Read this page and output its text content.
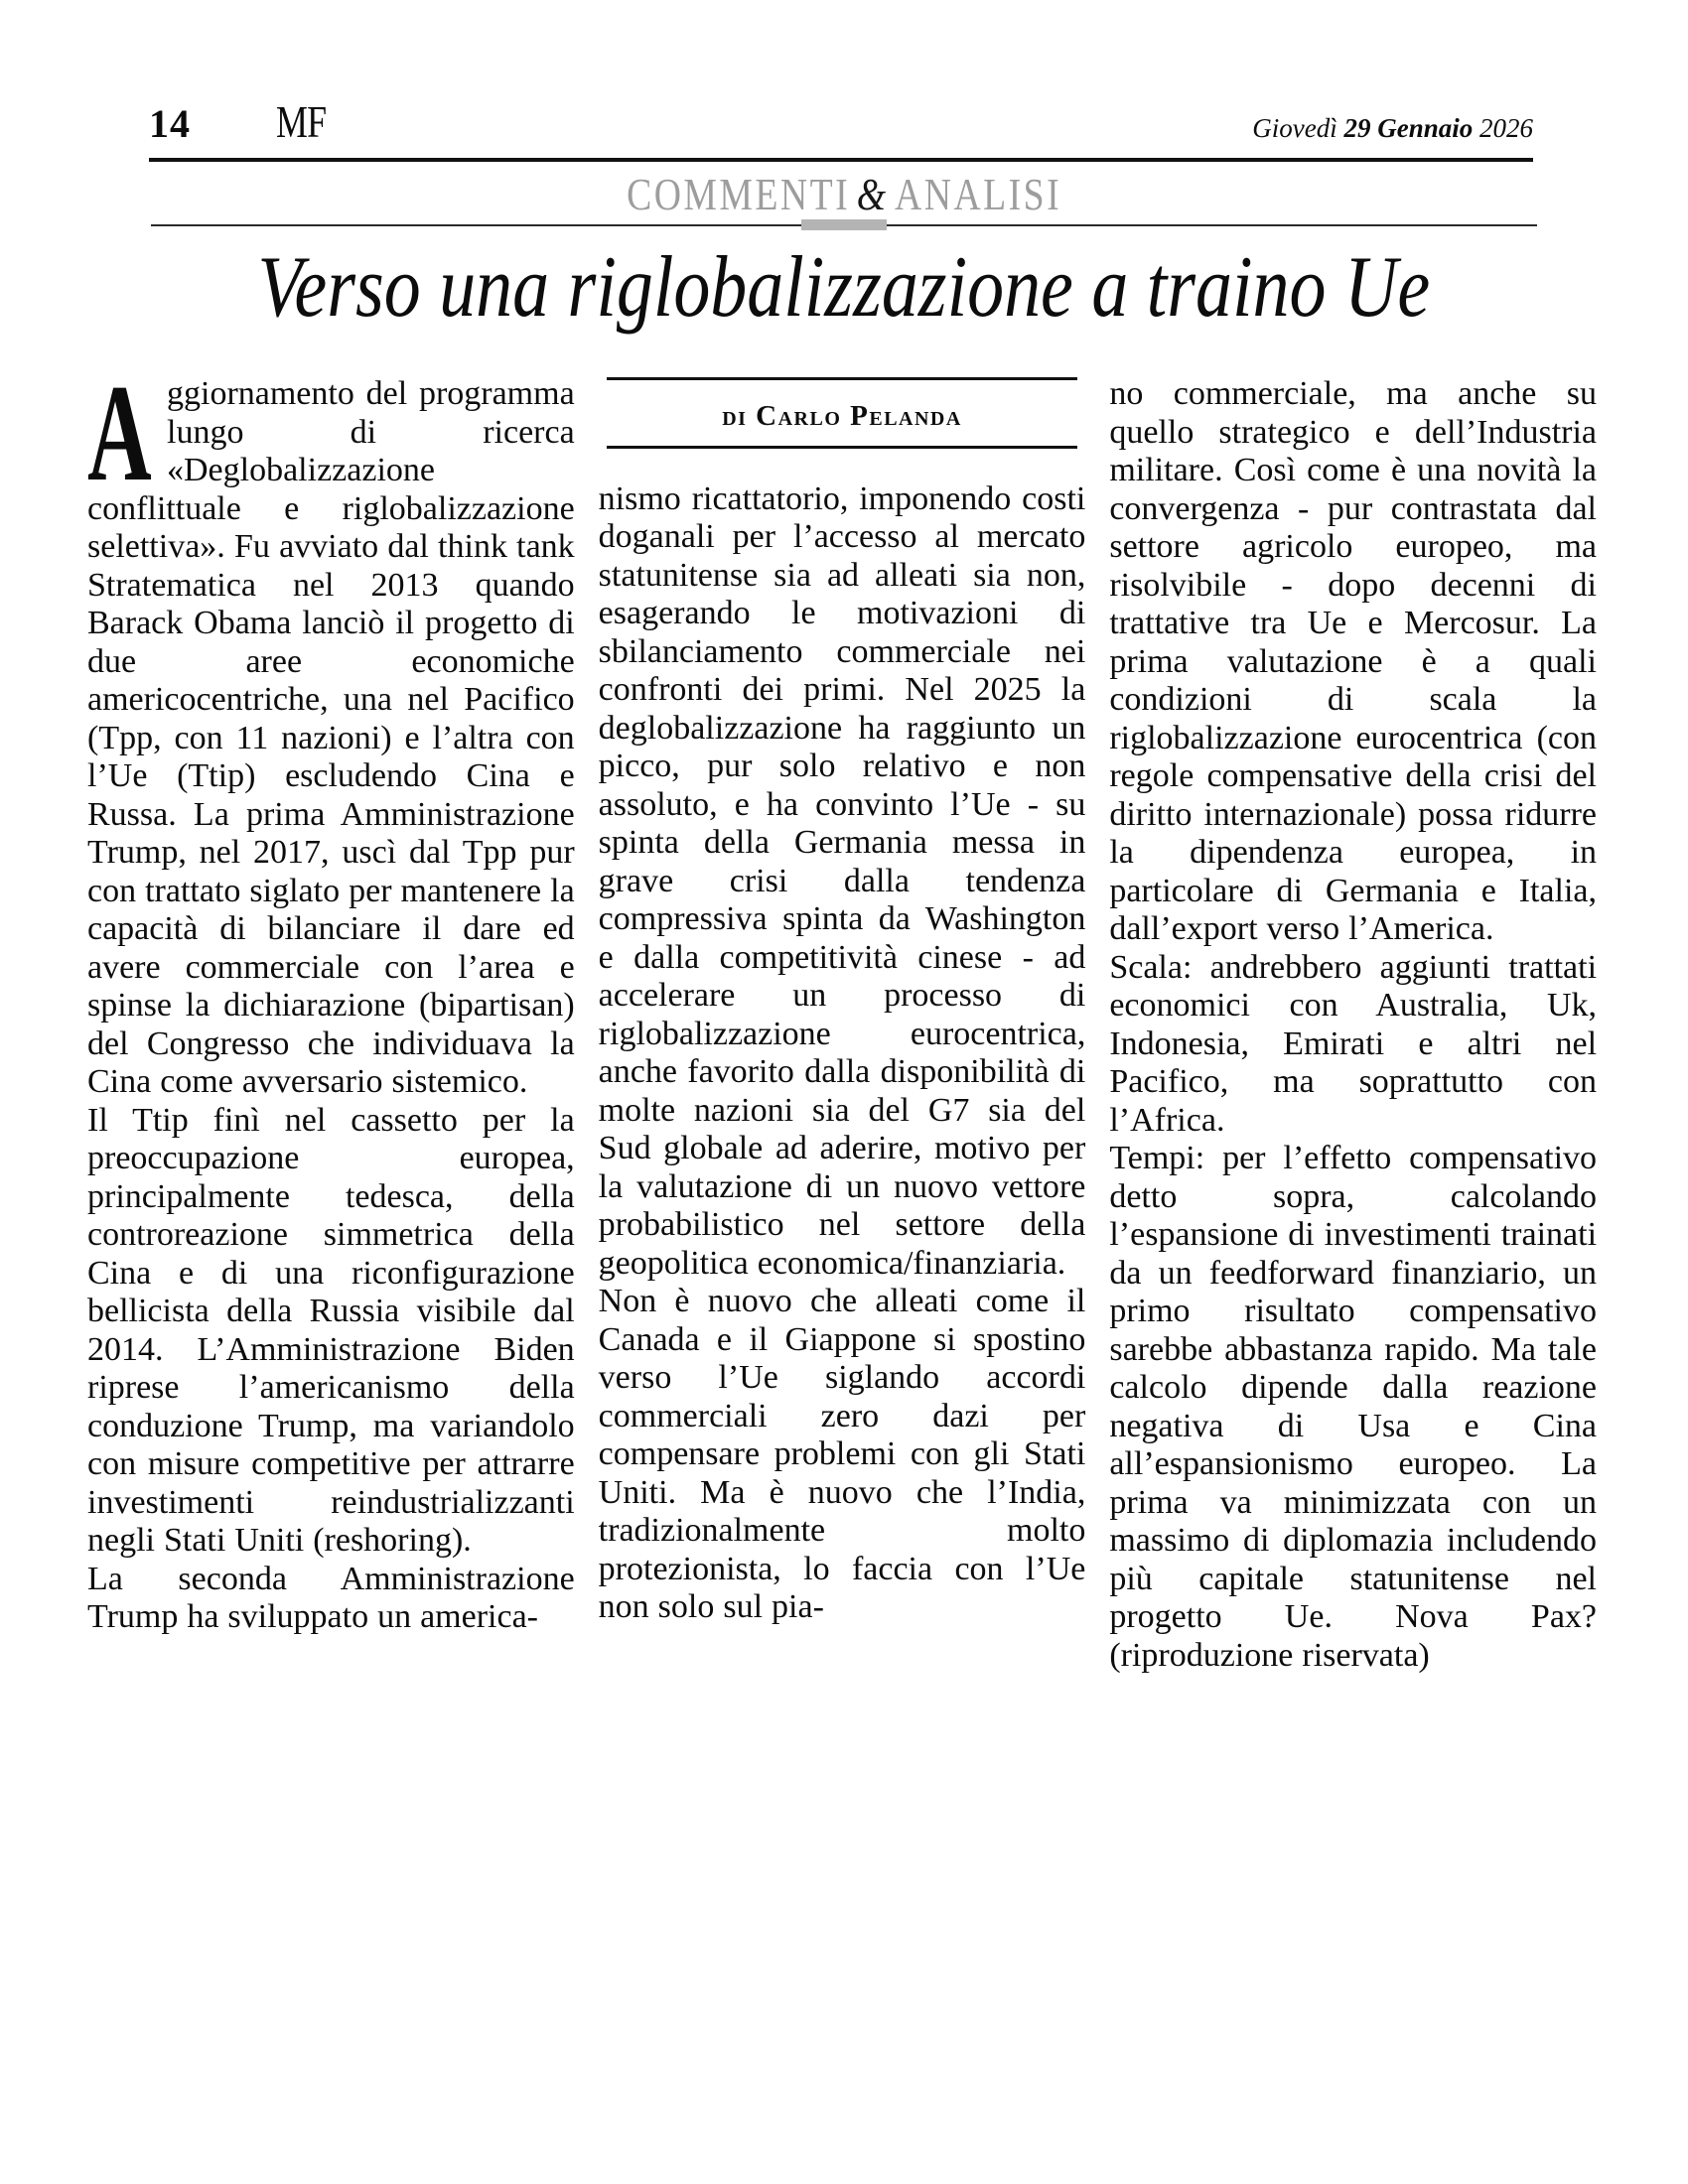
14 MF	Giovedì 29 Gennaio 2026
COMMENTI & ANALISI
Verso una riglobalizzazione a traino Ue

Aggiornamento del programma lungo di ricerca «Deglobalizzazione conflittuale e riglobalizzazione selettiva». Fu avviato dal think tank Stratematica nel 2013 quando Barack Obama lanciò il progetto di due aree economiche americocentriche, una nel Pacifico (Tpp, con 11 nazioni) e l’altra con l’Ue (Ttip) escludendo Cina e Russa. La prima Amministrazione Trump, nel 2017, uscì dal Tpp pur con trattato siglato per mantenere la capacità di bilanciare il dare ed avere commerciale con l’area e spinse la dichiarazione (bipartisan) del Congresso che individuava la Cina come avversario sistemico.

Il Ttip finì nel cassetto per la preoccupazione europea, principalmente tedesca, della controreazione simmetrica della Cina e di una riconfigurazione bellicista della Russia visibile dal 2014. L’Amministrazione Biden riprese l’americanismo della conduzione Trump, ma variandolo con misure competitive per attrarre investimenti reindustrializzanti negli Stati Uniti (reshoring).

La seconda Amministrazione Trump ha sviluppato un america-

di Carlo Pelanda

nismo ricattatorio, imponendo costi doganali per l’accesso al mercato statunitense sia ad alleati sia non, esagerando le motivazioni di sbilanciamento commerciale nei confronti dei primi. Nel 2025 la deglobalizzazione ha raggiunto un picco, pur solo relativo e non assoluto, e ha convinto l’Ue - su spinta della Germania messa in grave crisi dalla tendenza compressiva spinta da Washington e dalla competitività cinese - ad accelerare un processo di riglobalizzazione eurocentrica, anche favorito dalla disponibilità di molte nazioni sia del G7 sia del Sud globale ad aderire, motivo per la valutazione di un nuovo vettore probabilistico nel settore della geopolitica economica/finanziaria.

Non è nuovo che alleati come il Canada e il Giappone si spostino verso l’Ue siglando accordi commerciali zero dazi per compensare problemi con gli Stati Uniti. Ma è nuovo che l’India, tradizionalmente molto protezionista, lo faccia con l’Ue non solo sul pia-

no commerciale, ma anche su quello strategico e dell’Industria militare. Così come è una novità la convergenza - pur contrastata dal settore agricolo europeo, ma risolvibile - dopo decenni di trattative tra Ue e Mercosur. La prima valutazione è a quali condizioni di scala la riglobalizzazione eurocentrica (con regole compensative della crisi del diritto internazionale) possa ridurre la dipendenza europea, in particolare di Germania e Italia, dall’export verso l’America.

Scala: andrebbero aggiunti trattati economici con Australia, Uk, Indonesia, Emirati e altri nel Pacifico, ma soprattutto con l’Africa.

Tempi: per l’effetto compensativo detto sopra, calcolando l’espansione di investimenti trainati da un feedforward finanziario, un primo risultato compensativo sarebbe abbastanza rapido. Ma tale calcolo dipende dalla reazione negativa di Usa e Cina all’espansionismo europeo. La prima va minimizzata con un massimo di diplomazia includendo più capitale statunitense nel progetto Ue. Nova Pax? (riproduzione riservata)
